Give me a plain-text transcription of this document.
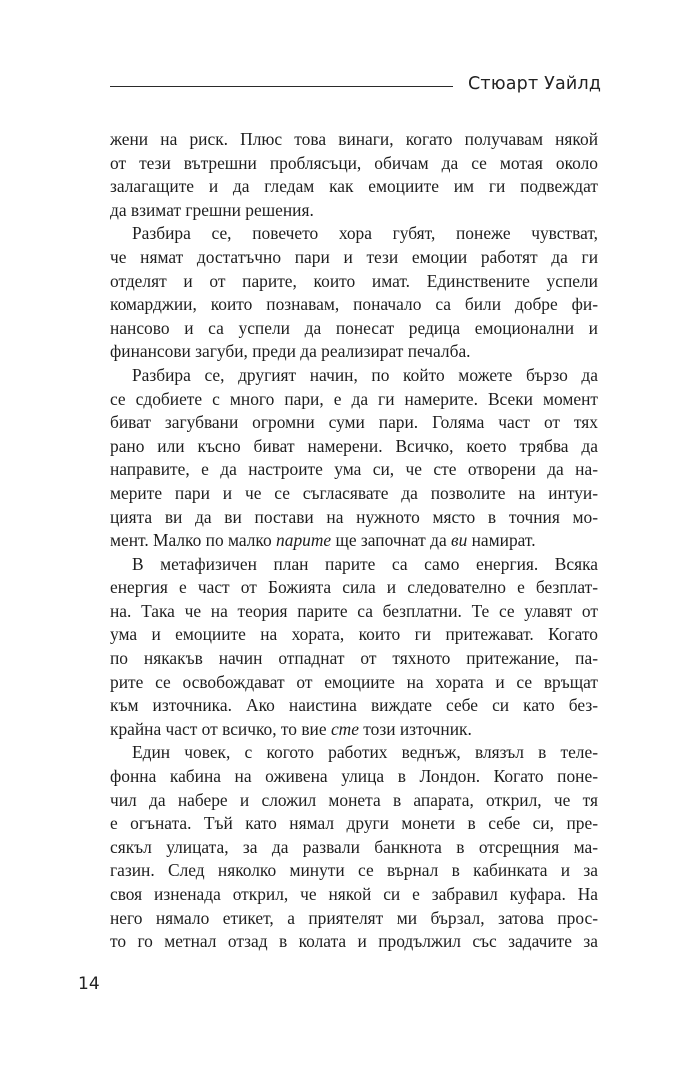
Стюарт Уайлд
жени на риск. Плюс това винаги, когато получавам някой
от тези вътрешни проблясъци, обичам да се мотая около
залагащите и да гледам как емоциите им ги подвеждат
да взимат грешни решения.
Разбира се, повечето хора губят, понеже чувстват,
че нямат достатъчно пари и тези емоции работят да ги
отделят и от парите, които имат. Единствените успели
комарджии, които познавам, поначало са били добре фи-
нансово и са успели да понесат редица емоционални и
финансови загуби, преди да реализират печалба.
Разбира се, другият начин, по който можете бързо да
се сдобиете с много пари, е да ги намерите. Всеки момент
биват загубвани огромни суми пари. Голяма част от тях
рано или късно биват намерени. Всичко, което трябва да
направите, е да настроите ума си, че сте отворени да на-
мерите пари и че се съгласявате да позволите на интуи-
цията ви да ви постави на нужното място в точния мо-
мент. Малко по малко парите ще започнат да ви намират.
В метафизичен план парите са само енергия. Всяка
енергия е част от Божията сила и следователно е безплат-
на. Така че на теория парите са безплатни. Те се улавят от
ума и емоциите на хората, които ги притежават. Когато
по някакъв начин отпаднат от тяхното притежание, па-
рите се освобождават от емоциите на хората и се връщат
към източника. Ако наистина виждате себе си като без-
крайна част от всичко, то вие сте този източник.
Един човек, с когото работих веднъж, влязъл в теле-
фонна кабина на оживена улица в Лондон. Когато поне-
чил да набере и сложил монета в апарата, открил, че тя
е огъната. Тъй като нямал други монети в себе си, пре-
сякъл улицата, за да развали банкнота в отсрещния ма-
газин. След няколко минути се върнал в кабинката и за
своя изненада открил, че някой си е забравил куфара. На
него нямало етикет, а приятелят ми бързал, затова прос-
то го метнал отзад в колата и продължил със задачите за
14
